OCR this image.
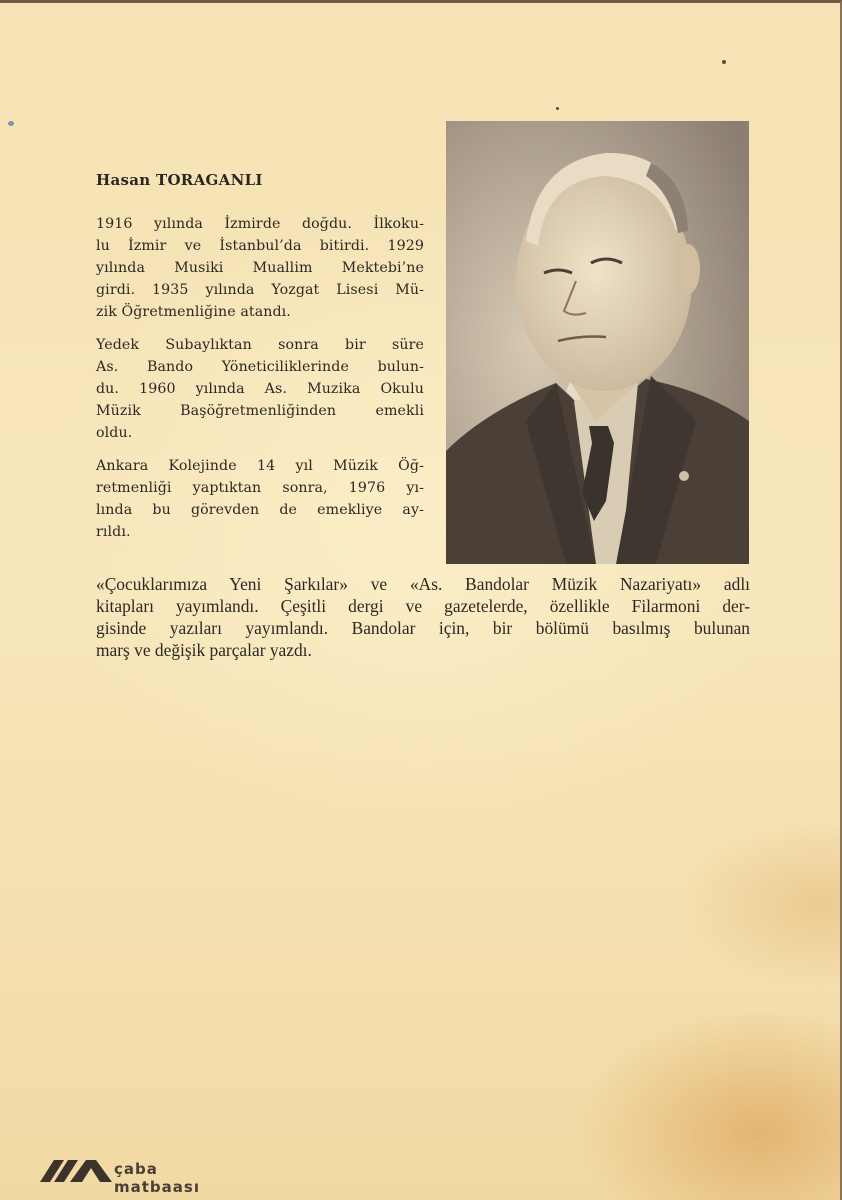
Hasan TORAGANLI

1916 yılında İzmirde doğdu. İlkoku-
lu İzmir ve İstanbul’da bitirdi. 1929
yılında Musiki Muallim Mektebi’ne
girdi. 1935 yılında Yozgat Lisesi Mü-
zik Öğretmenliğine atandı.

Yedek Subaylıktan sonra bir süre
As. Bando Yöneticiliklerinde bulun-
du. 1960 yılında As. Muzika Okulu
Müzik Başöğretmenliğinden emekli
oldu.

Ankara Kolejinde 14 yıl Müzik Öğ-
retmenliği yaptıktan sonra, 1976 yı-
lında bu görevden de emekliye ay-
rıldı.

«Çocuklarımıza Yeni Şarkılar» ve «As. Bandolar Müzik Nazariyatı» adlı
kitapları yayımlandı. Çeşitli dergi ve gazetelerde, özellikle Filarmoni der-
gisinde yazıları yayımlandı. Bandolar için, bir bölümü basılmış bulunan
marş ve değişik parçalar yazdı.
çaba matbaası
